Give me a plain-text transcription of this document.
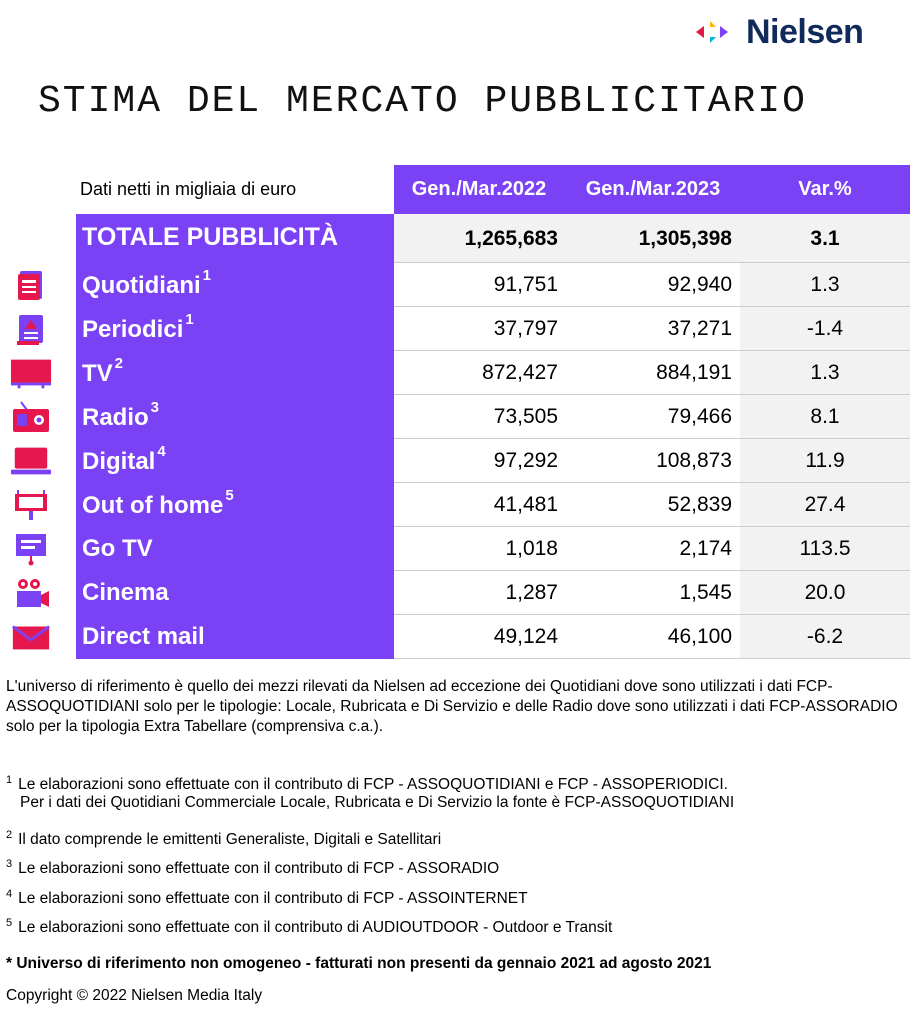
Nielsen
STIMA DEL MERCATO PUBBLICITARIO
Dati netti in migliaia di euro	Gen./Mar.2022	Gen./Mar.2023	Var.%
TOTALE PUBBLICITÀ	1,265,683	1,305,398	3.1
Quotidiani $^1$	91,751	92,940	1.3
Periodici $^1$	37,797	37,271	-1.4
TV $^2$	872,427	884,191	1.3
Radio $^3$	73,505	79,466	8.1
Digital $^4$	97,292	108,873	11.9
Out of home $^5$	41,481	52,839	27.4
Go TV	1,018	2,174	113.5
Cinema	1,287	1,545	20.0
Direct mail	49,124	46,100	-6.2

L'universo di riferimento è quello dei mezzi rilevati da Nielsen ad eccezione dei Quotidiani dove sono utilizzati i dati FCP-ASSOQUOTIDIANI solo per le tipologie: Locale, Rubricata e Di Servizio e delle Radio dove sono utilizzati i dati FCP-ASSORADIO solo per la tipologia Extra Tabellare (comprensiva c.a.).

$^1$ Le elaborazioni sono effettuate con il contributo di FCP - ASSOQUOTIDIANI e FCP - ASSOPERIODICI.
Per i dati dei Quotidiani Commerciale Locale, Rubricata e Di Servizio la fonte è FCP-ASSOQUOTIDIANI
$^2$ Il dato comprende le emittenti Generaliste, Digitali e Satellitari
$^3$ Le elaborazioni sono effettuate con il contributo di FCP - ASSORADIO
$^4$ Le elaborazioni sono effettuate con il contributo di FCP - ASSOINTERNET
$^5$ Le elaborazioni sono effettuate con il contributo di AUDIOUTDOOR - Outdoor e Transit
* Universo di riferimento non omogeneo - fatturati non presenti da gennaio 2021 ad agosto 2021
Copyright © 2022 Nielsen Media Italy
